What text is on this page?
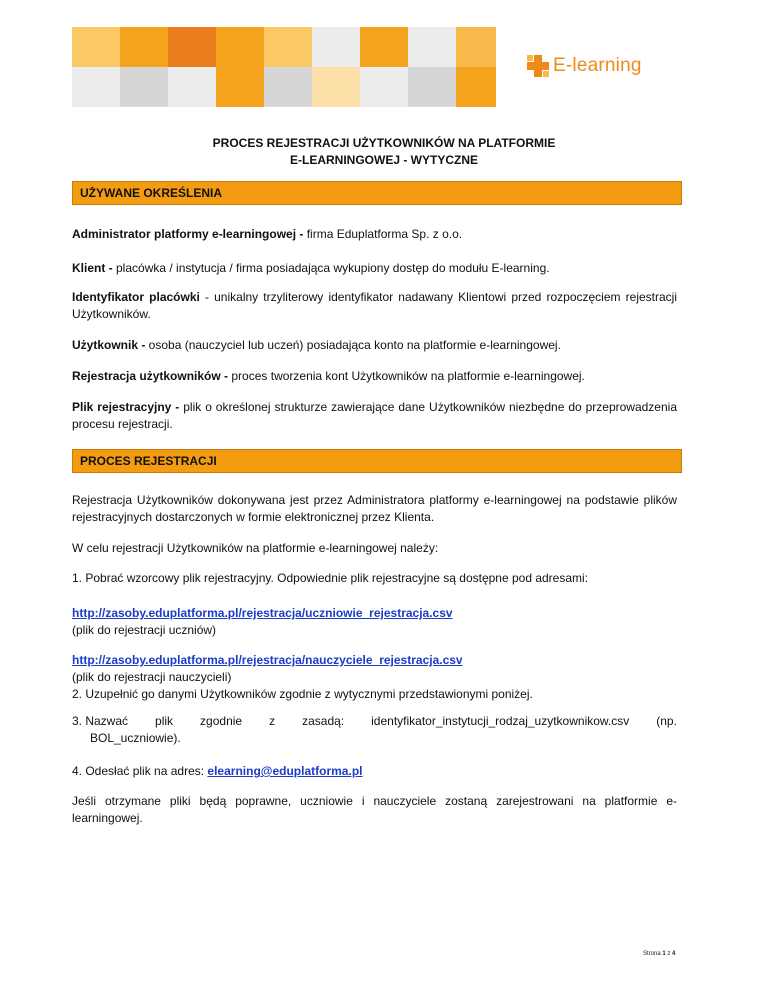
E-learning
PROCES REJESTRACJI UŻYTKOWNIKÓW NA PLATFORMIE
E-LEARNINGOWEJ - WYTYCZNE
UŻYWANE OKREŚLENIA
Administrator platformy e-learningowej - firma Eduplatforma Sp. z o.o.
Klient - placówka / instytucja / firma posiadająca wykupiony dostęp do modułu E-learning.
Identyfikator placówki - unikalny trzyliterowy identyfikator nadawany Klientowi przed rozpoczęciem rejestracji Użytkowników.
Użytkownik - osoba (nauczyciel lub uczeń) posiadająca konto na platformie e-learningowej.
Rejestracja użytkowników - proces tworzenia kont Użytkowników na platformie e-learningowej.
Plik rejestracyjny - plik o określonej strukturze zawierające dane Użytkowników niezbędne do przeprowadzenia procesu rejestracji.
PROCES REJESTRACJI
Rejestracja Użytkowników dokonywana jest przez Administratora platformy e-learningowej na podstawie plików rejestracyjnych dostarczonych w formie elektronicznej przez Klienta.
W celu rejestracji Użytkowników na platformie e-learningowej należy:
1. Pobrać wzorcowy plik rejestracyjny. Odpowiednie plik rejestracyjne są dostępne pod adresami:
http://zasoby.eduplatforma.pl/rejestracja/uczniowie_rejestracja.csv
(plik do rejestracji uczniów)
http://zasoby.eduplatforma.pl/rejestracja/nauczyciele_rejestracja.csv
(plik do rejestracji nauczycieli)
2. Uzupełnić go danymi Użytkowników zgodnie z wytycznymi przedstawionymi poniżej.
3. Nazwać plik zgodnie z zasadą: identyfikator_instytucji_rodzaj_uzytkownikow.csv (np.
BOL_uczniowie).
4. Odesłać plik na adres: elearning@eduplatforma.pl
Jeśli otrzymane pliki będą poprawne, uczniowie i nauczyciele zostaną zarejestrowani na platformie e-learningowej.
Strona 1 z 4
